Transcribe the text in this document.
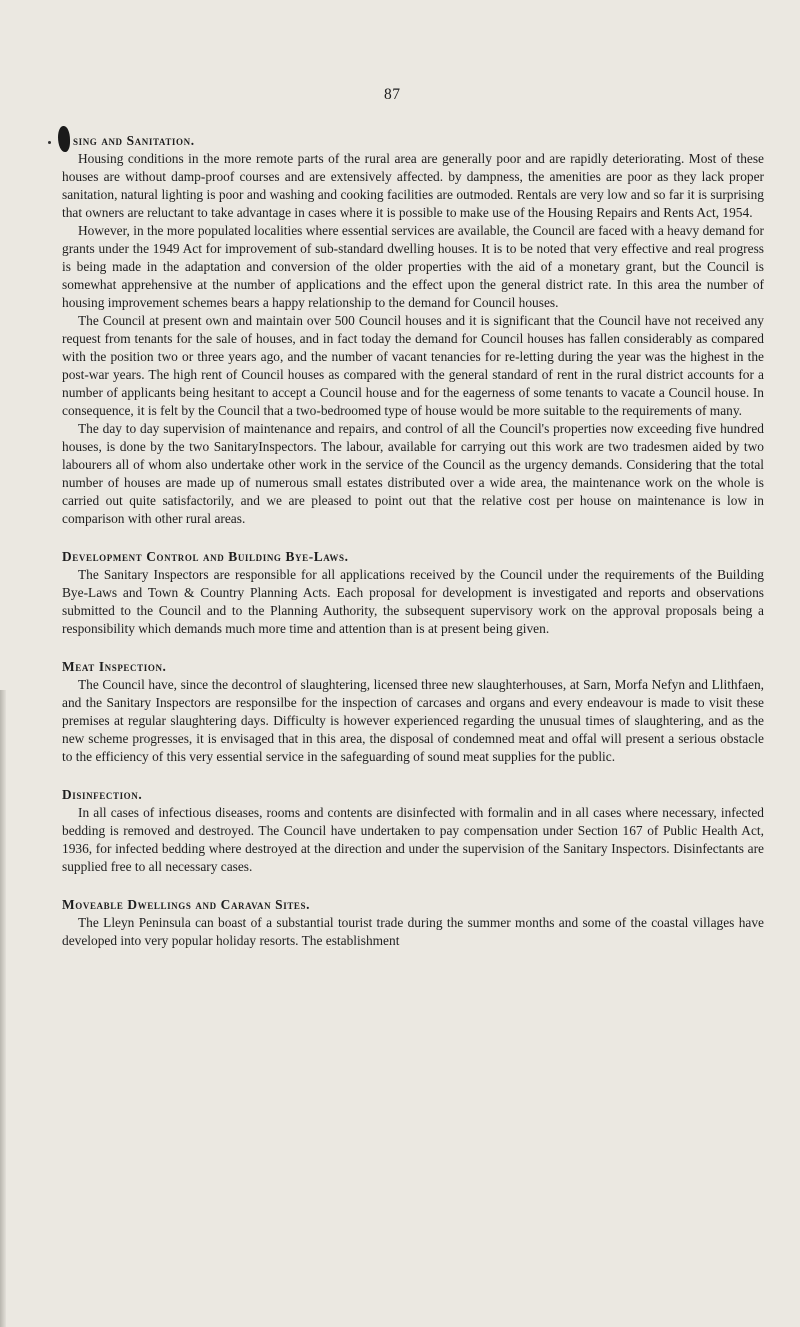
87
sing and Sanitation.

Housing conditions in the more remote parts of the rural area are generally poor and are rapidly deteriorating. Most of these houses are without damp-proof courses and are extensively affected. by dampness, the amenities are poor as they lack proper sanitation, natural lighting is poor and washing and cooking facilities are outmoded. Rentals are very low and so far it is surprising that owners are reluctant to take advantage in cases where it is possible to make use of the Housing Repairs and Rents Act, 1954.

However, in the more populated localities where essential services are available, the Council are faced with a heavy demand for grants under the 1949 Act for improvement of sub-standard dwelling houses. It is to be noted that very effective and real progress is being made in the adaptation and conversion of the older properties with the aid of a monetary grant, but the Council is somewhat apprehensive at the number of applications and the effect upon the general district rate. In this area the number of housing improvement schemes bears a happy relationship to the demand for Council houses.

The Council at present own and maintain over 500 Council houses and it is significant that the Council have not received any request from tenants for the sale of houses, and in fact today the demand for Council houses has fallen considerably as compared with the position two or three years ago, and the number of vacant tenancies for re-letting during the year was the highest in the post-war years. The high rent of Council houses as compared with the general standard of rent in the rural district accounts for a number of applicants being hesitant to accept a Council house and for the eagerness of some tenants to vacate a Council house. In consequence, it is felt by the Council that a two-bedroomed type of house would be more suitable to the requirements of many.

The day to day supervision of maintenance and repairs, and control of all the Council's properties now exceeding five hundred houses, is done by the two SanitaryInspectors. The labour, available for carrying out this work are two tradesmen aided by two labourers all of whom also undertake other work in the service of the Council as the urgency demands. Considering that the total number of houses are made up of numerous small estates distributed over a wide area, the maintenance work on the whole is carried out quite satisfactorily, and we are pleased to point out that the relative cost per house on maintenance is low in comparison with other rural areas.

Development Control and Building Bye-Laws.

The Sanitary Inspectors are responsible for all applications received by the Council under the requirements of the Building Bye-Laws and Town & Country Planning Acts. Each proposal for development is investigated and reports and observations submitted to the Council and to the Planning Authority, the subsequent supervisory work on the approval proposals being a responsibility which demands much more time and attention than is at present being given.

Meat Inspection.

The Council have, since the decontrol of slaughtering, licensed three new slaughterhouses, at Sarn, Morfa Nefyn and Llithfaen, and the Sanitary Inspectors are responsilbe for the inspection of carcases and organs and every endeavour is made to visit these premises at regular slaughtering days. Difficulty is however experienced regarding the unusual times of slaughtering, and as the new scheme progresses, it is envisaged that in this area, the disposal of condemned meat and offal will present a serious obstacle to the efficiency of this very essential service in the safeguarding of sound meat supplies for the public.

Disinfection.

In all cases of infectious diseases, rooms and contents are disinfected with formalin and in all cases where necessary, infected bedding is removed and destroyed. The Council have undertaken to pay compensation under Section 167 of Public Health Act, 1936, for infected bedding where destroyed at the direction and under the supervision of the Sanitary Inspectors. Disinfectants are supplied free to all necessary cases.

Moveable Dwellings and Caravan Sites.

The Lleyn Peninsula can boast of a substantial tourist trade during the summer months and some of the coastal villages have developed into very popular holiday resorts. The establishment
